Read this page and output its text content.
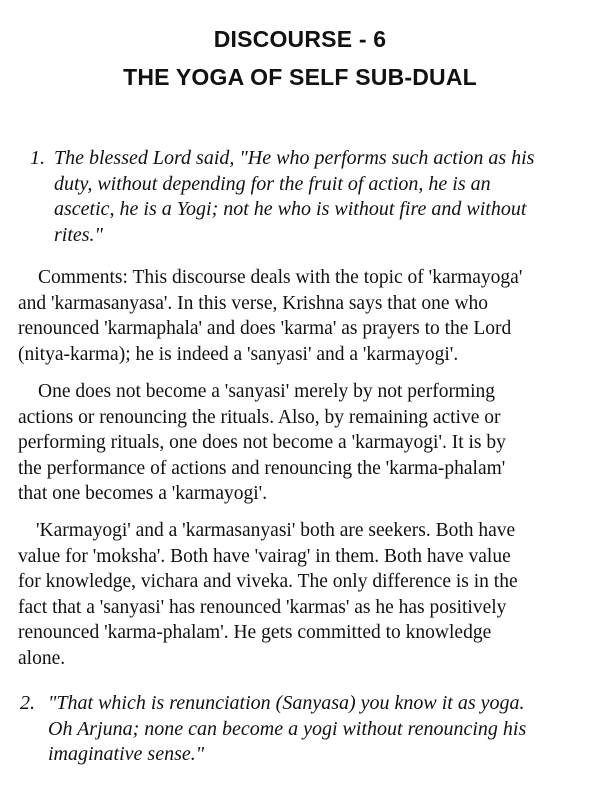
DISCOURSE - 6
THE YOGA OF SELF SUB-DUAL
1. The blessed Lord said, "He who performs such action as his
duty, without depending for the fruit of action, he is an
ascetic, he is a Yogi; not he who is without fire and without
rites."
Comments: This discourse deals with the topic of 'karmayoga'
and 'karmasanyasa'. In this verse, Krishna says that one who
renounced 'karmaphala' and does 'karma' as prayers to the Lord
(nitya-karma); he is indeed a 'sanyasi' and a 'karmayogi'.
One does not become a 'sanyasi' merely by not performing
actions or renouncing the rituals. Also, by remaining active or
performing rituals, one does not become a 'karmayogi'. It is by
the performance of actions and renouncing the 'karma-phalam'
that one becomes a 'karmayogi'.
'Karmayogi' and a 'karmasanyasi' both are seekers. Both have
value for 'moksha'. Both have 'vairag' in them. Both have value
for knowledge, vichara and viveka. The only difference is in the
fact that a 'sanyasi' has renounced 'karmas' as he has positively
renounced 'karma-phalam'. He gets committed to knowledge
alone.
2. "That which is renunciation (Sanyasa) you know it as yoga.
Oh Arjuna; none can become a yogi without renouncing his
imaginative sense."
